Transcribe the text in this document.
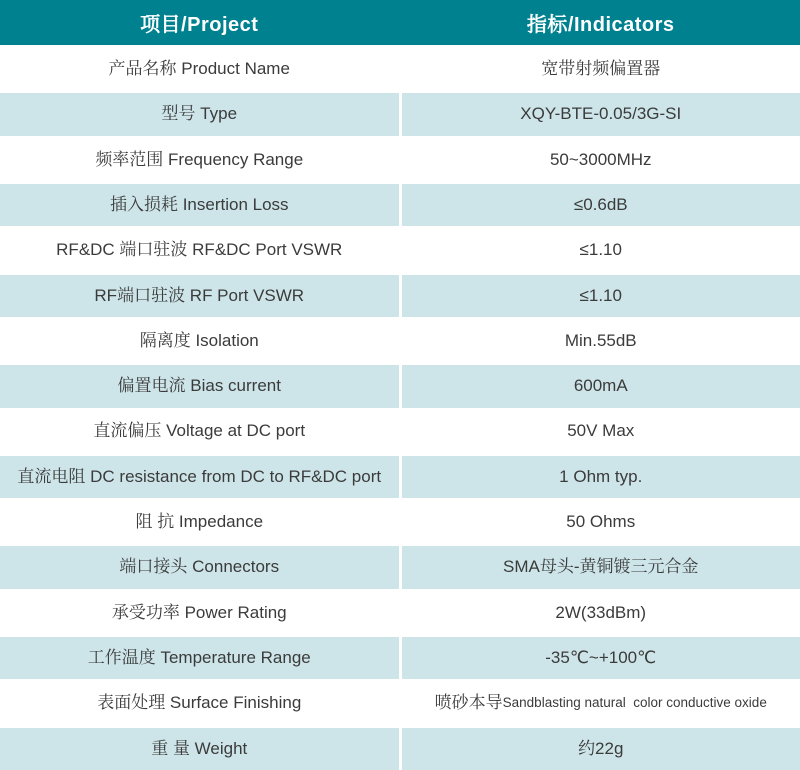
项目/Project	指标/Indicators
产品名称 Product Name	宽带射频偏置器
型号 Type	XQY-BTE-0.05/3G-SI
频率范围 Frequency Range	50~3000MHz
插入损耗 Insertion Loss	≤0.6dB
RF&DC 端口驻波 RF&DC Port VSWR	≤1.10
RF端口驻波 RF Port VSWR	≤1.10
隔离度 Isolation	Min.55dB
偏置电流 Bias current	600mA
直流偏压 Voltage at DC port	50V Max
直流电阻 DC resistance from DC to RF&DC port	1 Ohm typ.
阻 抗 Impedance	50 Ohms
端口接头 Connectors	SMA母头-黄铜镀三元合金
承受功率 Power Rating	2W(33dBm)
工作温度 Temperature Range	-35℃~+100℃
表面处理 Surface Finishing	喷砂本导 Sandblasting natural  color conductive oxide
重 量 Weight	约22g
